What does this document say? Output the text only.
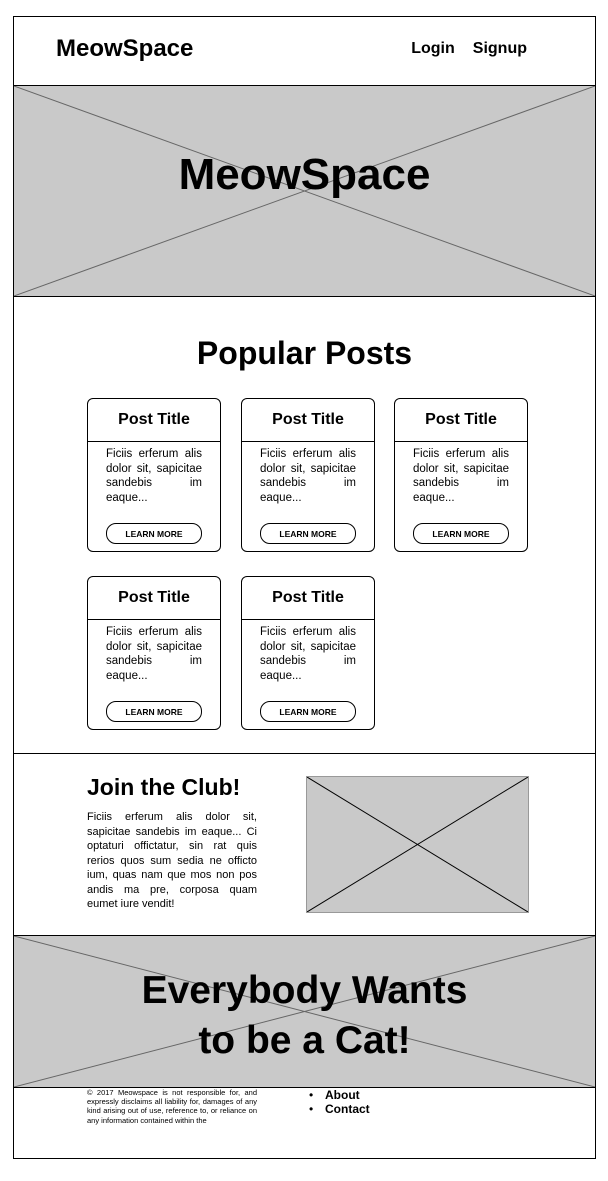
MeowSpace	Login Signup
MeowSpace
Popular Posts
Post Title
Ficiis erferum alis dolor sit, sapicitae sandebis im eaque...
LEARN MORE
Post Title
Ficiis erferum alis dolor sit, sapicitae sandebis im eaque...
LEARN MORE
Post Title
Ficiis erferum alis dolor sit, sapicitae sandebis im eaque...
LEARN MORE
Post Title
Ficiis erferum alis dolor sit, sapicitae sandebis im eaque...
LEARN MORE
Post Title
Ficiis erferum alis dolor sit, sapicitae sandebis im eaque...
LEARN MORE
Join the Club!
Ficiis erferum alis dolor sit, sapicitae sandebis im eaque... Ci optaturi offictatur, sin rat quis rerios quos sum sedia ne officto ium, quas nam que mos non pos andis ma pre, corposa quam eumet iure vendit!
Everybody Wants
to be a Cat!
© 2017 Meowspace is not responsible for, and expressly disclaims all liability for, damages of any kind arising out of use, reference to, or reliance on any information contained within the
• About
• Contact
